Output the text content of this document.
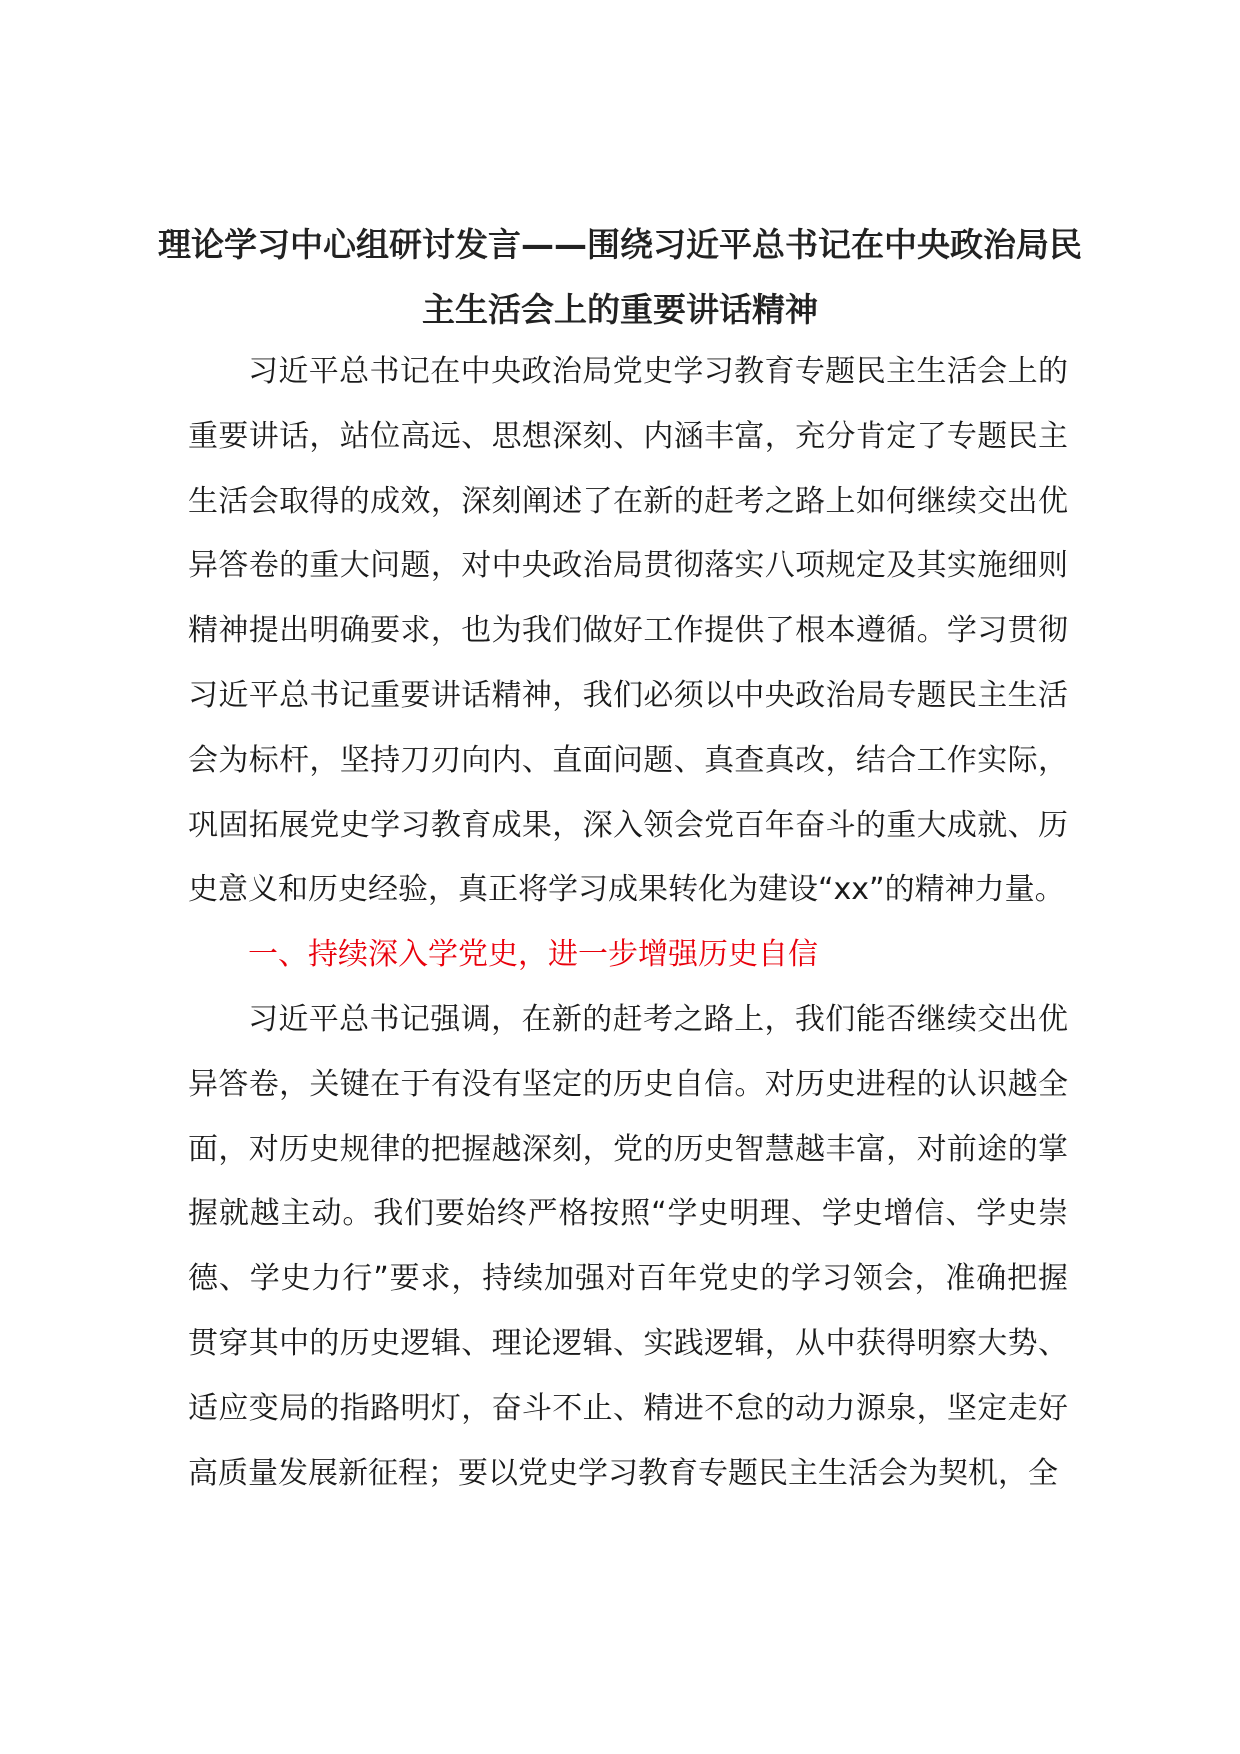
理论学习中心组研讨发言——围绕习近平总书记在中央政治局民主生活会上的重要讲话精神

习近平总书记在中央政治局党史学习教育专题民主生活会上的重要讲话，站位高远、思想深刻、内涵丰富，充分肯定了专题民主生活会取得的成效，深刻阐述了在新的赶考之路上如何继续交出优异答卷的重大问题，对中央政治局贯彻落实八项规定及其实施细则精神提出明确要求，也为我们做好工作提供了根本遵循。学习贯彻习近平总书记重要讲话精神，我们必须以中央政治局专题民主生活会为标杆，坚持刀刃向内、直面问题、真查真改，结合工作实际，巩固拓展党史学习教育成果，深入领会党百年奋斗的重大成就、历史意义和历史经验，真正将学习成果转化为建设“xx”的精神力量。

一、持续深入学党史，进一步增强历史自信

习近平总书记强调，在新的赶考之路上，我们能否继续交出优异答卷，关键在于有没有坚定的历史自信。对历史进程的认识越全面，对历史规律的把握越深刻，党的历史智慧越丰富，对前途的掌握就越主动。我们要始终严格按照“学史明理、学史增信、学史崇德、学史力行”要求，持续加强对百年党史的学习领会，准确把握贯穿其中的历史逻辑、理论逻辑、实践逻辑，从中获得明察大势、适应变局的指路明灯，奋斗不止、精进不怠的动力源泉，坚定走好高质量发展新征程；要以党史学习教育专题民主生活会为契机，全
